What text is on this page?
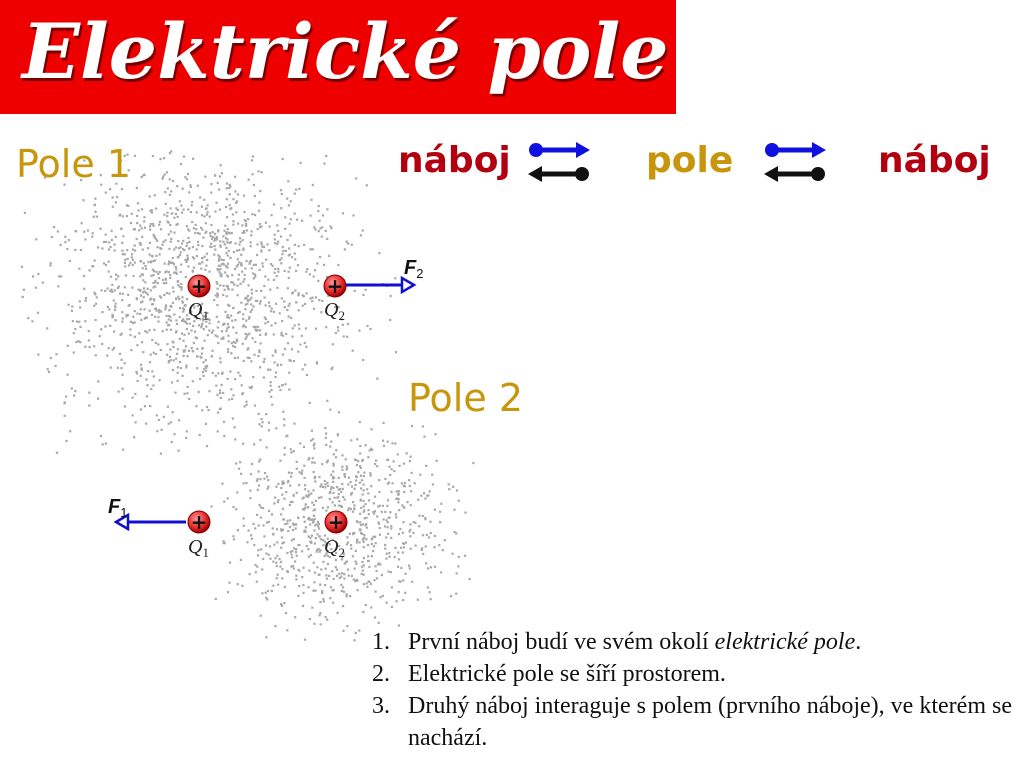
Elektrické pole
$F_2$
$F_1$
+
$Q_1$
+
$Q_2$
+
$Q_1$
+
$Q_2$
Pole 1
Pole 2
náboj	pole	náboj
1. První náboj budí ve svém okolí elektrické pole.
2. Elektrické pole se šíří prostorem.
3. Druhý náboj interaguje s polem (prvního náboje), ve kterém se nachází.
